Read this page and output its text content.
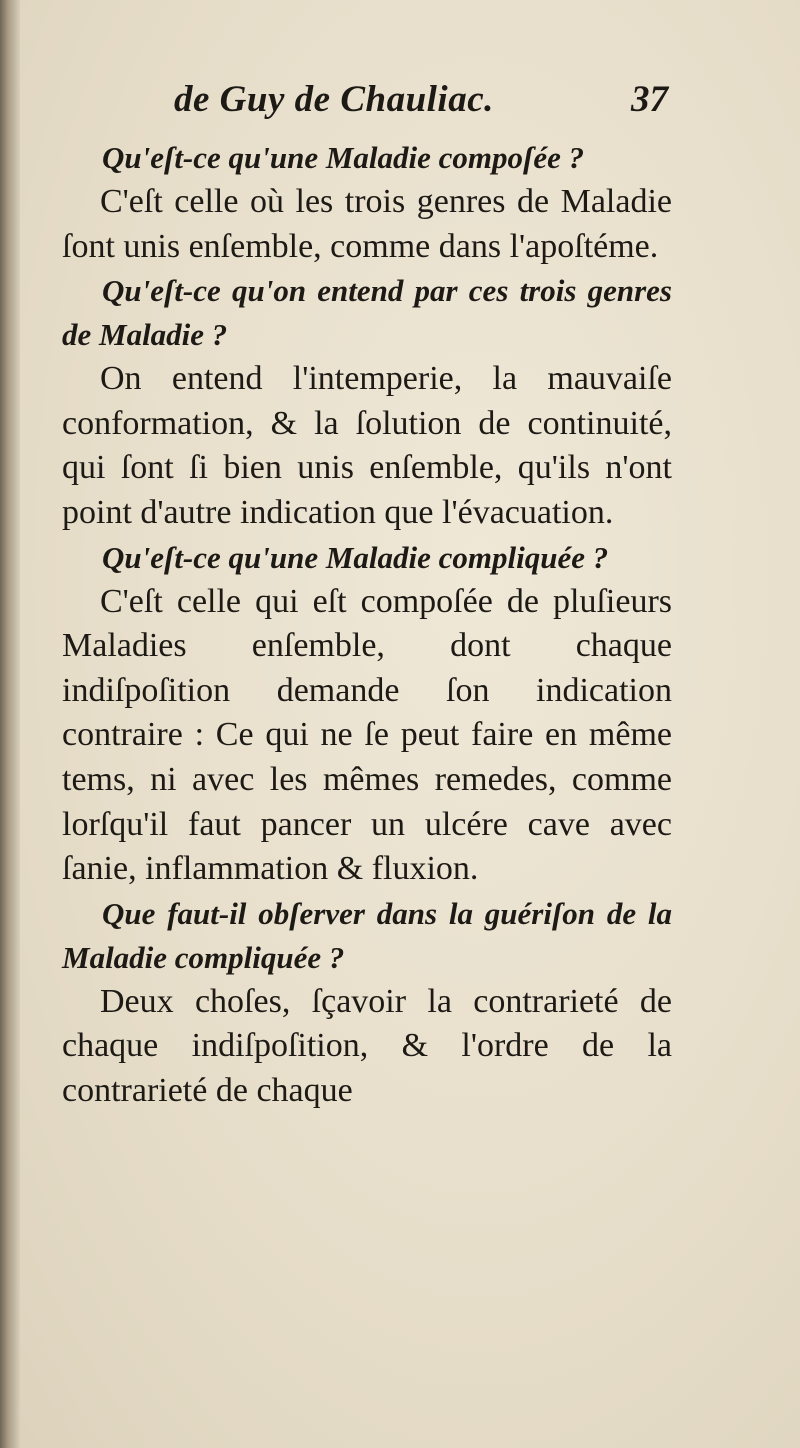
de Guy de Chauliac.	37

Qu'eſt-ce qu'une Maladie compoſée ?

C'eſt celle où les trois genres de Maladie ſont unis enſemble, comme dans l'apoſtéme.

Qu'eſt-ce qu'on entend par ces trois genres de Maladie ?

On entend l'intemperie, la mauvaiſe conformation, & la ſolution de continuité, qui ſont ſi bien unis enſemble, qu'ils n'ont point d'autre indication que l'évacuation.

Qu'eſt-ce qu'une Maladie compliquée ?

C'eſt celle qui eſt compoſée de pluſieurs Maladies enſemble, dont chaque indiſpoſition demande ſon indication contraire : Ce qui ne ſe peut faire en même tems, ni avec les mêmes remedes, comme lorſqu'il faut pancer un ulcére cave avec ſanie, inflammation & fluxion.

Que faut-il obſerver dans la guériſon de la Maladie compliquée ?

Deux choſes, ſçavoir la contrarieté de chaque indiſpoſition, & l'ordre de la contrarieté de chaque
